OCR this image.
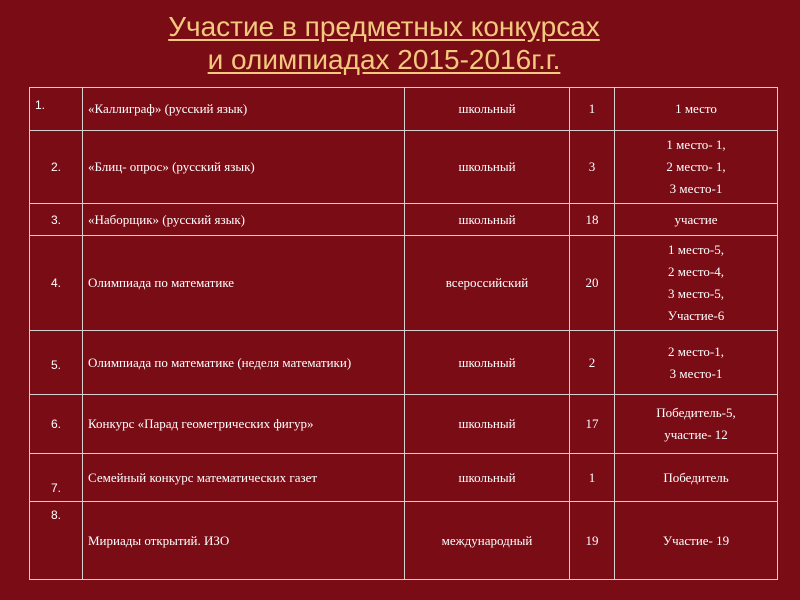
Участие в предметных конкурсах
и олимпиадах 2015-2016г.г.
1.	«Каллиграф» (русский язык)	школьный	1	1 место

2.	«Блиц- опрос» (русский язык)	школьный	3	1 место- 1,
2 место- 1,
3 место-1

3.	«Наборщик» (русский язык)	школьный	18	участие

4.	Олимпиада по математике	всероссийский	20	1 место-5,
2 место-4,
3 место-5,
Участие-6

5.	Олимпиада по математике (неделя математики)	школьный	2	2 место-1,
3 место-1

6.	Конкурс «Парад геометрических фигур»	школьный	17	Победитель-5,
участие- 12

7.	Семейный конкурс математических газет	школьный	1	Победитель

8.	Мириады открытий. ИЗО	международный	19	Участие- 19
